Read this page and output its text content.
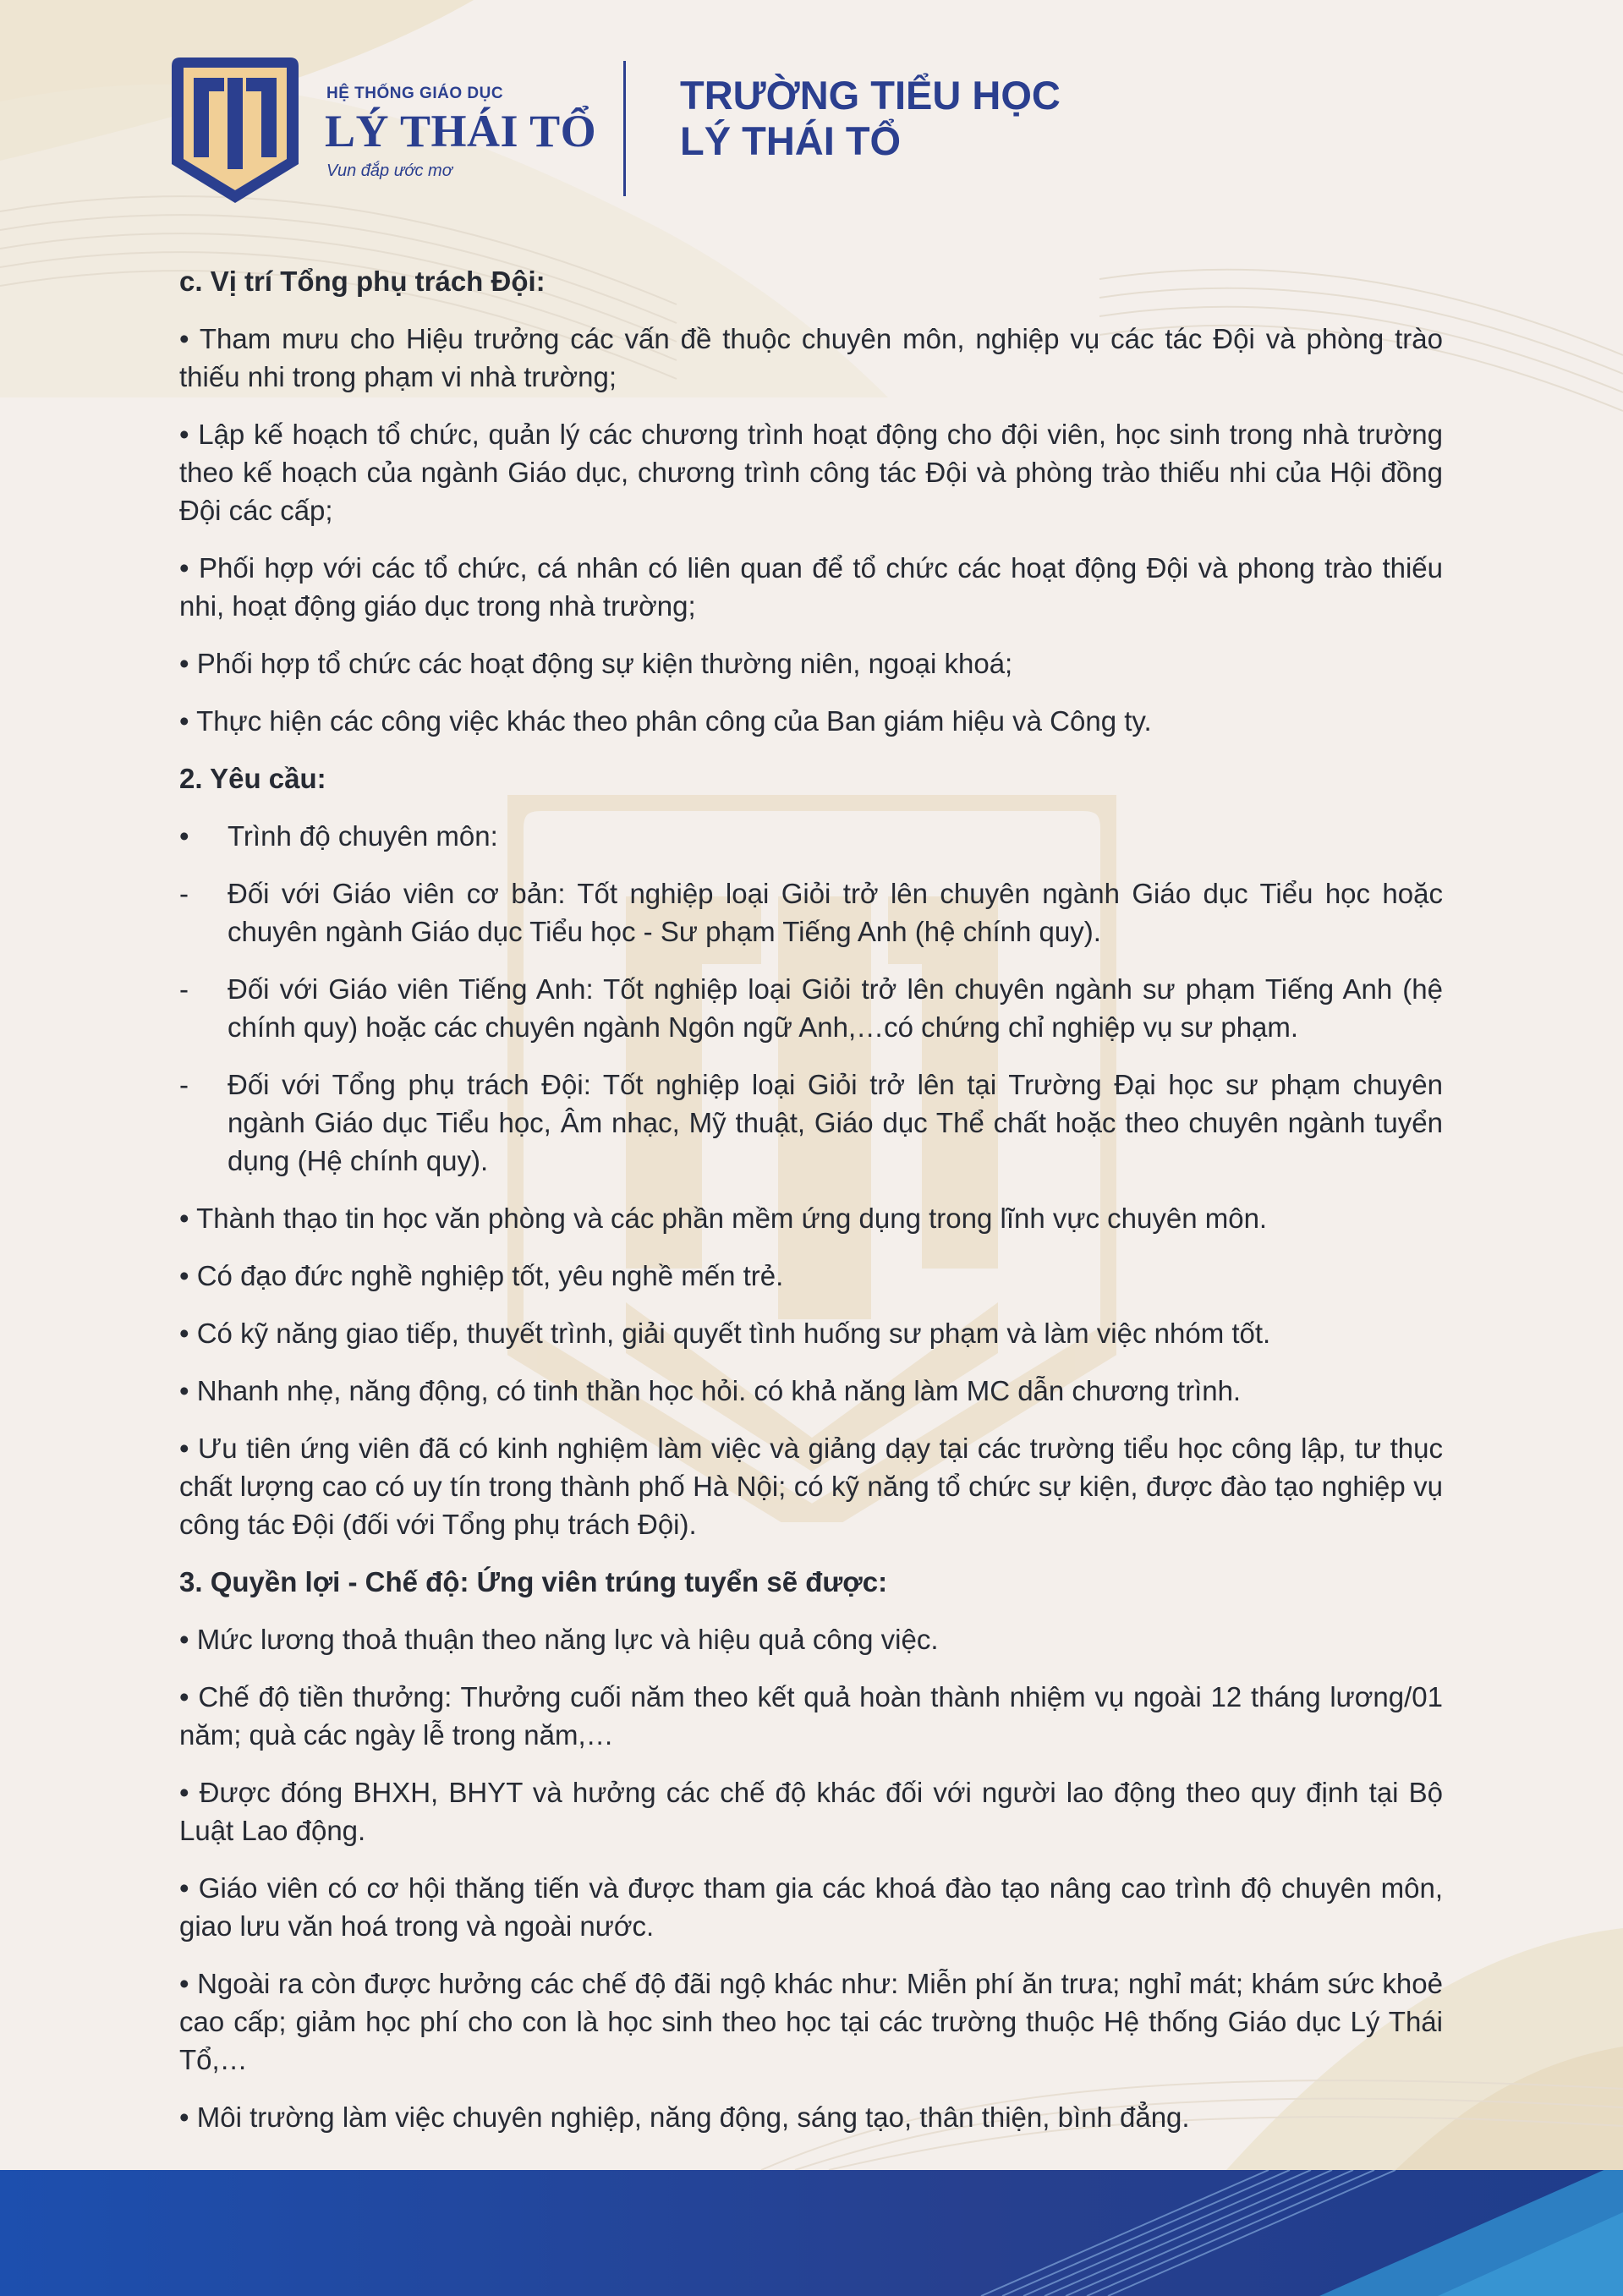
HỆ THỐNG GIÁO DỤC
LÝ THÁI TỔ
Vun đắp ước mơ
TRƯỜNG TIỂU HỌC
LÝ THÁI TỔ

c. Vị trí Tổng phụ trách Đội:

• Tham mưu cho Hiệu trưởng các vấn đề thuộc chuyên môn, nghiệp vụ các tác Đội và phòng trào thiếu nhi trong phạm vi nhà trường;

• Lập kế hoạch tổ chức, quản lý các chương trình hoạt động cho đội viên, học sinh trong nhà trường theo kế hoạch của ngành Giáo dục, chương trình công tác Đội và phòng trào thiếu nhi của Hội đồng Đội các cấp;

• Phối hợp với các tổ chức, cá nhân có liên quan để tổ chức các hoạt động Đội và phong trào thiếu nhi, hoạt động giáo dục trong nhà trường;

• Phối hợp tổ chức các hoạt động sự kiện thường niên, ngoại khoá;

• Thực hiện các công việc khác theo phân công của Ban giám hiệu và Công ty.

2. Yêu cầu:

•	Trình độ chuyên môn:
-	Đối với Giáo viên cơ bản: Tốt nghiệp loại Giỏi trở lên chuyên ngành Giáo dục Tiểu học hoặc chuyên ngành Giáo dục Tiểu học - Sư phạm Tiếng Anh (hệ chính quy).
-	Đối với Giáo viên Tiếng Anh: Tốt nghiệp loại Giỏi trở lên chuyên ngành sư phạm Tiếng Anh (hệ chính quy) hoặc các chuyên ngành Ngôn ngữ Anh,…có chứng chỉ nghiệp vụ sư phạm.
-	Đối với Tổng phụ trách Đội: Tốt nghiệp loại Giỏi trở lên tại Trường Đại học sư phạm chuyên ngành Giáo dục Tiểu học, Âm nhạc, Mỹ thuật, Giáo dục Thể chất hoặc theo chuyên ngành tuyển dụng (Hệ chính quy).

• Thành thạo tin học văn phòng và các phần mềm ứng dụng trong lĩnh vực chuyên môn.

• Có đạo đức nghề nghiệp tốt, yêu nghề mến trẻ.

• Có kỹ năng giao tiếp, thuyết trình, giải quyết tình huống sư phạm và làm việc nhóm tốt.

• Nhanh nhẹ, năng động, có tinh thần học hỏi. có khả năng làm MC dẫn chương trình.

• Ưu tiên ứng viên đã có kinh nghiệm làm việc và giảng dạy tại các trường tiểu học công lập, tư thục chất lượng cao có uy tín trong thành phố Hà Nội; có kỹ năng tổ chức sự kiện, được đào tạo nghiệp vụ công tác Đội (đối với Tổng phụ trách Đội).

3. Quyền lợi - Chế độ: Ứng viên trúng tuyển sẽ được:

• Mức lương thoả thuận theo năng lực và hiệu quả công việc.

• Chế độ tiền thưởng: Thưởng cuối năm theo kết quả hoàn thành nhiệm vụ ngoài 12 tháng lương/01 năm; quà các ngày lễ trong năm,…

• Được đóng BHXH, BHYT và hưởng các chế độ khác đối với người lao động theo quy định tại Bộ Luật Lao động.

• Giáo viên có cơ hội thăng tiến và được tham gia các khoá đào tạo nâng cao trình độ chuyên môn, giao lưu văn hoá trong và ngoài nước.

• Ngoài ra còn được hưởng các chế độ đãi ngộ khác như: Miễn phí ăn trưa; nghỉ mát; khám sức khoẻ cao cấp; giảm học phí cho con là học sinh theo học tại các trường thuộc Hệ thống Giáo dục Lý Thái Tổ,…

• Môi trường làm việc chuyên nghiệp, năng động, sáng tạo, thân thiện, bình đẳng.
